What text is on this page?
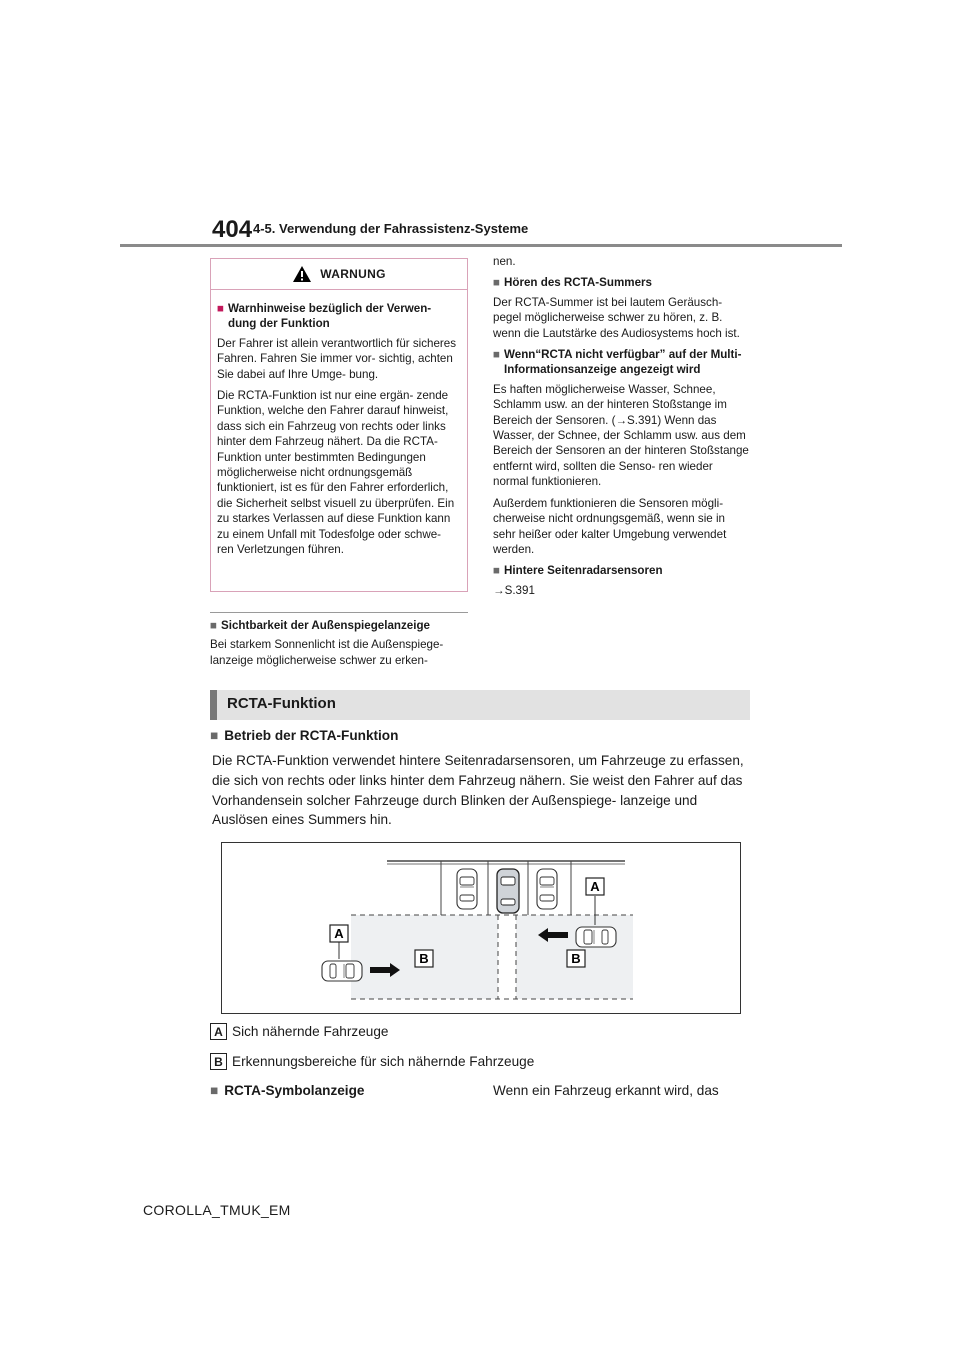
404 4-5. Verwendung der Fahrassistenz-Systeme
WARNUNG
■ Warnhinweise bezüglich der Verwen- dung der Funktion

Der Fahrer ist allein verantwortlich für sicheres Fahren. Fahren Sie immer vor- sichtig, achten Sie dabei auf Ihre Umge- bung.

Die RCTA-Funktion ist nur eine ergän- zende Funktion, welche den Fahrer darauf hinweist, dass sich ein Fahrzeug von rechts oder links hinter dem Fahrzeug nähert. Da die RCTA-Funktion unter bestimmten Bedingungen möglicherweise nicht ordnungsgemäß funktioniert, ist es für den Fahrer erforderlich, die Sicherheit selbst visuell zu überprüfen. Ein zu starkes Verlassen auf diese Funktion kann zu einem Unfall mit Todesfolge oder schwe- ren Verletzungen führen.

■ Sichtbarkeit der Außenspiegelanzeige

Bei starkem Sonnenlicht ist die Außenspiege- lanzeige möglicherweise schwer zu erken-

nen.

■ Hören des RCTA-Summers

Der RCTA-Summer ist bei lautem Geräusch- pegel möglicherweise schwer zu hören, z. B. wenn die Lautstärke des Audiosystems hoch ist.

■ Wenn“RCTA nicht verfügbar” auf der Multi-Informationsanzeige angezeigt wird

Es haften möglicherweise Wasser, Schnee, Schlamm usw. an der hinteren Stoßstange im Bereich der Sensoren. (→S.391) Wenn das Wasser, der Schnee, der Schlamm usw. aus dem Bereich der Sensoren an der hinteren Stoßstange entfernt wird, sollten die Senso- ren wieder normal funktionieren.

Außerdem funktionieren die Sensoren mögli- cherweise nicht ordnungsgemäß, wenn sie in sehr heißer oder kalter Umgebung verwendet werden.

■ Hintere Seitenradarsensoren

→S.391

RCTA-Funktion
■ Betrieb der RCTA-Funktion
Die RCTA-Funktion verwendet hintere Seitenradarsensoren, um Fahrzeuge zu erfassen, die sich von rechts oder links hinter dem Fahrzeug nähern. Sie weist den Fahrer auf das Vorhandensein solcher Fahrzeuge durch Blinken der Außenspiege- lanzeige und Auslösen eines Summers hin.
A
A
B	B
A Sich nähernde Fahrzeuge
B Erkennungsbereiche für sich nähernde Fahrzeuge
■ RCTA-Symbolanzeige	Wenn ein Fahrzeug erkannt wird, das
COROLLA_TMUK_EM
